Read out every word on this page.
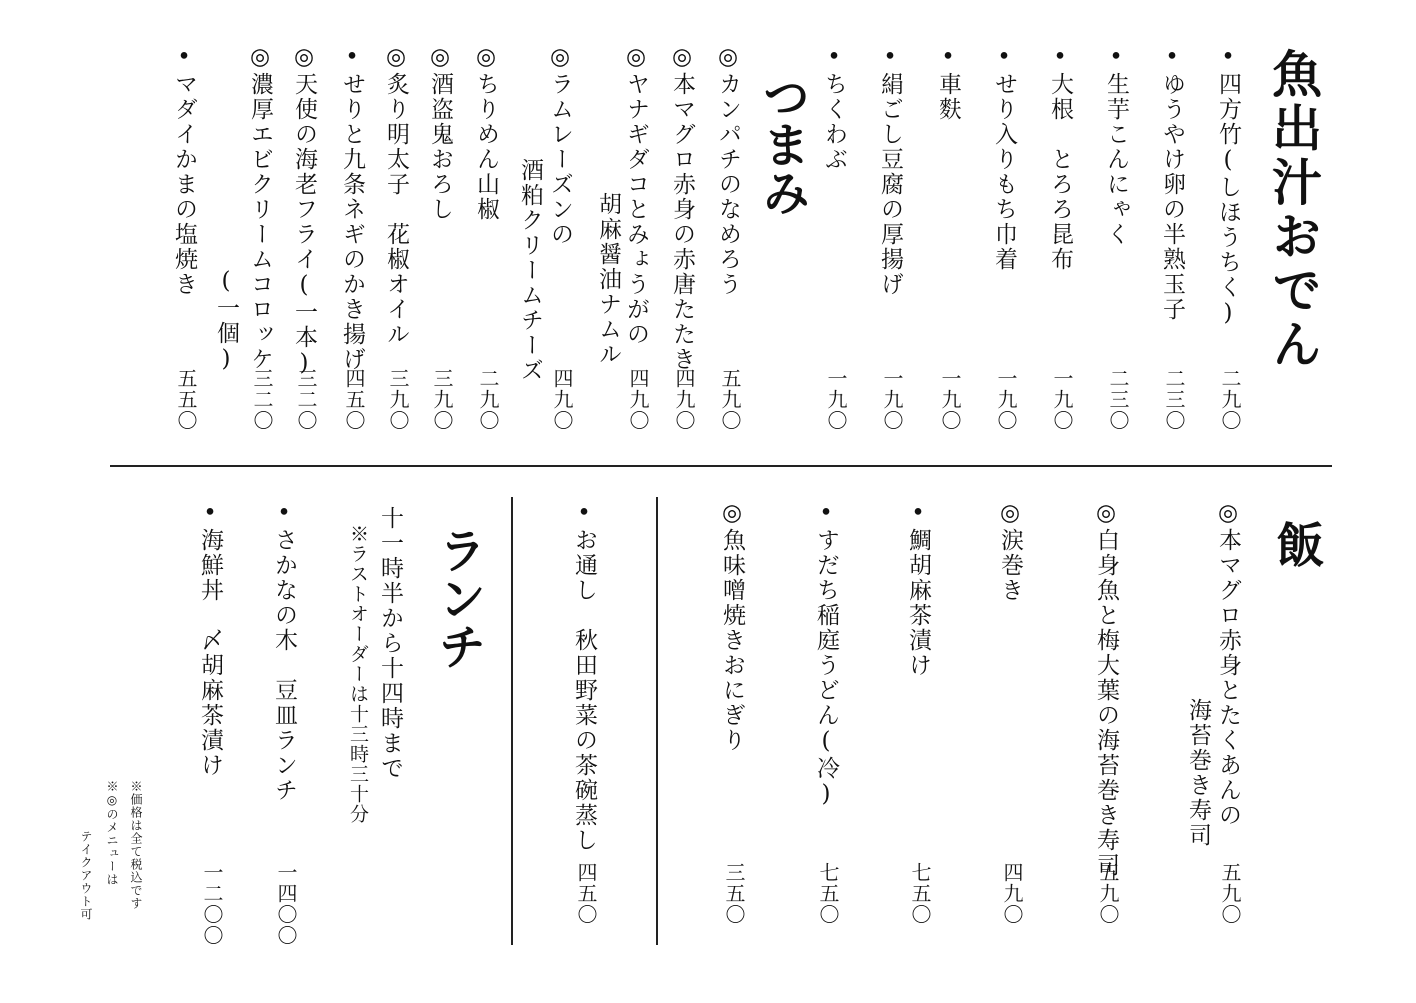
魚出汁おでん
•四方竹(しほうちく)
二九〇
•ゆうやけ卵の半熟玉子
二三〇
•生芋こんにゃく
二三〇
•大根　とろろ昆布
一九〇
•せり入りもち巾着
一九〇
•車麩
一九〇
•絹ごし豆腐の厚揚げ
一九〇
•ちくわぶ
一九〇
つまみ
◎カンパチのなめろう
五九〇
◎本マグロ赤身の赤唐たたき
四九〇
◎ヤナギダコとみょうがの
胡麻醤油ナムル
四九〇
◎ラムレーズンの
酒粕クリームチーズ
四九〇
◎ちりめん山椒
二九〇
◎酒盗鬼おろし
三九〇
◎炙り明太子　花椒オイル
三九〇
•せりと九条ネギのかき揚げ
四五〇
◎天使の海老フライ(一本)
三二〇
◎濃厚エビクリームコロッケ
(一個)
三二〇
•マダイかまの塩焼き
五五〇
飯
◎本マグロ赤身とたくあんの
海苔巻き寿司
五九〇
◎白身魚と梅大葉の海苔巻き寿司
五九〇
◎涙巻き
四九〇
•鯛胡麻茶漬け
七五〇
•すだち稲庭うどん(冷)
七五〇
◎魚味噌焼きおにぎり
三五〇
•お通し　秋田野菜の茶碗蒸し
四五〇
ランチ
十一時半から十四時まで
※ラストオーダーは十三時三十分
•さかなの木　豆皿ランチ
一四〇〇
•海鮮丼　〆胡麻茶漬け
一二〇〇
※価格は全て税込です
※◎のメニューは
テイクアウト可
